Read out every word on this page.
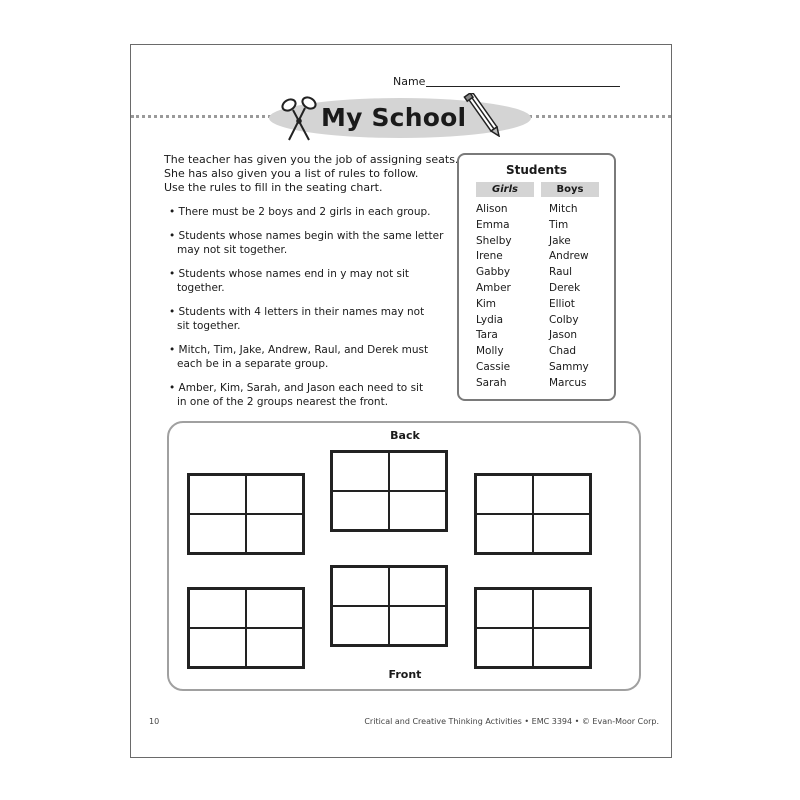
Name
My School
The teacher has given you the job of assigning seats.
She has also given you a list of rules to follow.
Use the rules to fill in the seating chart.
• There must be 2 boys and 2 girls in each group.
• Students whose names begin with the same letter
may not sit together.
• Students whose names end in y may not sit
together.
• Students with 4 letters in their names may not
sit together.
• Mitch, Tim, Jake, Andrew, Raul, and Derek must
each be in a separate group.
• Amber, Kim, Sarah, and Jason each need to sit
in one of the 2 groups nearest the front.
Students
Girls	Boys
Alison
Emma
Shelby
Irene
Gabby
Amber
Kim
Lydia
Tara
Molly
Cassie
Sarah
Mitch
Tim
Jake
Andrew
Raul
Derek
Elliot
Colby
Jason
Chad
Sammy
Marcus
Back
Front
10	Critical and Creative Thinking Activities • EMC 3394 • © Evan-Moor Corp.
